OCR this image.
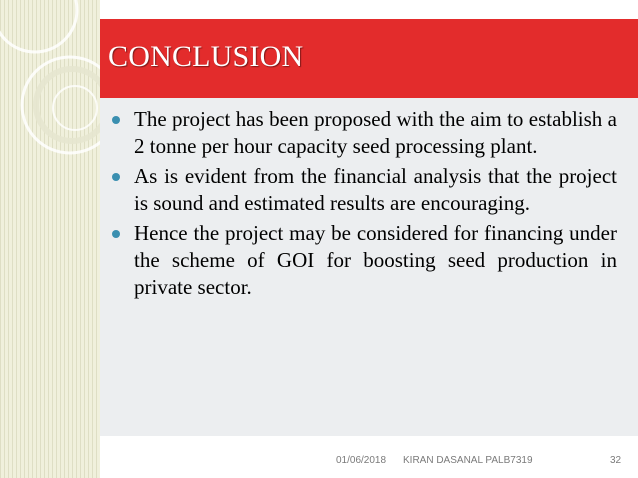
CONCLUSION
The project has been proposed with the aim to establish a 2 tonne per hour capacity seed processing plant.
As is evident from the financial analysis that the project is sound and estimated results are encouraging.
Hence the project may be considered for financing under the scheme of GOI for boosting seed production in private sector.
01/06/2018 KIRAN DASANAL PALB7319	32
